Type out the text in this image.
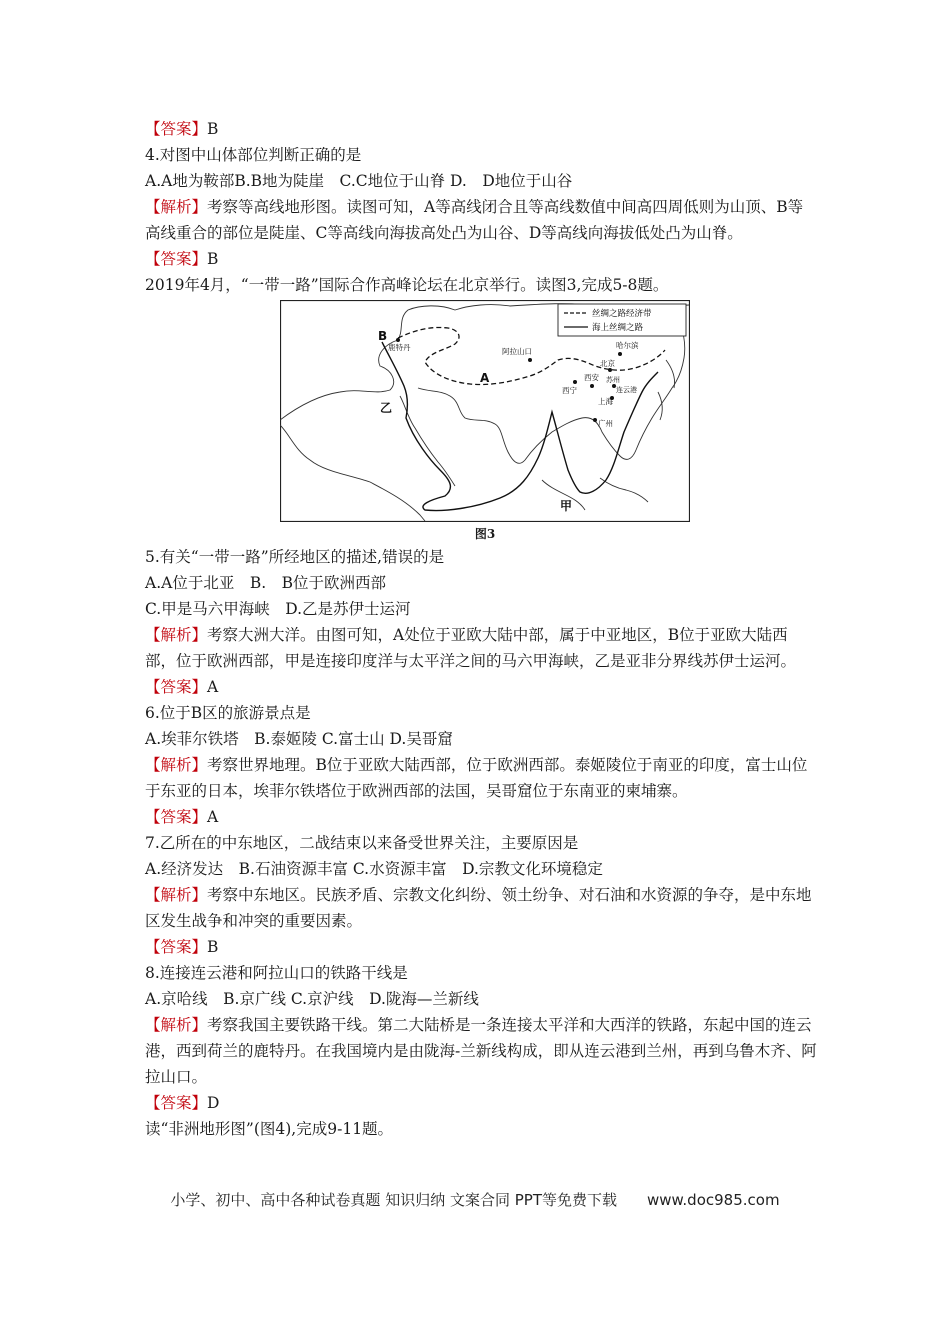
【答案】B

4.对图中山体部位判断正确的是

A.A地为鞍部B.B地为陡崖　C.C地位于山脊 D.　D地位于山谷

【解析】考察等高线地形图。读图可知，A等高线闭合且等高线数值中间高四周低则为山顶、B等高线重合的部位是陡崖、C等高线向海拔高处凸为山谷、D等高线向海拔低处凸为山脊。

【答案】B

2019年4月，“一带一路”国际合作高峰论坛在北京举行。读图3,完成5-8题。

丝绸之路经济带
海上丝绸之路
B
鹿特丹	阿拉山口
A
哈尔滨
北京
西宁
西安 苏州
连云港
上海
广州
乙
甲
图3

5.有关“一带一路”所经地区的描述,错误的是

A.A位于北亚　B.　B位于欧洲西部

C.甲是马六甲海峡　D.乙是苏伊士运河

【解析】考察大洲大洋。由图可知，A处位于亚欧大陆中部，属于中亚地区，B位于亚欧大陆西部，位于欧洲西部，甲是连接印度洋与太平洋之间的马六甲海峡，乙是亚非分界线苏伊士运河。

【答案】A

6.位于B区的旅游景点是

A.埃菲尔铁塔　B.泰姬陵 C.富士山 D.吴哥窟

【解析】考察世界地理。B位于亚欧大陆西部，位于欧洲西部。泰姬陵位于南亚的印度，富士山位于东亚的日本，埃菲尔铁塔位于欧洲西部的法国，吴哥窟位于东南亚的柬埔寨。

【答案】A

7.乙所在的中东地区，二战结束以来备受世界关注，主要原因是

A.经济发达　B.石油资源丰富 C.水资源丰富　D.宗教文化环境稳定

【解析】考察中东地区。民族矛盾、宗教文化纠纷、领土纷争、对石油和水资源的争夺，是中东地区发生战争和冲突的重要因素。

【答案】B

8.连接连云港和阿拉山口的铁路干线是

A.京哈线　B.京广线 C.京沪线　D.陇海—兰新线

【解析】考察我国主要铁路干线。第二大陆桥是一条连接太平洋和大西洋的铁路，东起中国的连云港，西到荷兰的鹿特丹。在我国境内是由陇海-兰新线构成，即从连云港到兰州，再到乌鲁木齐、阿拉山口。

【答案】D

读“非洲地形图”(图4),完成9-11题。

小学、初中、高中各种试卷真题 知识归纳 文案合同 PPT等免费下载　　www.doc985.com
